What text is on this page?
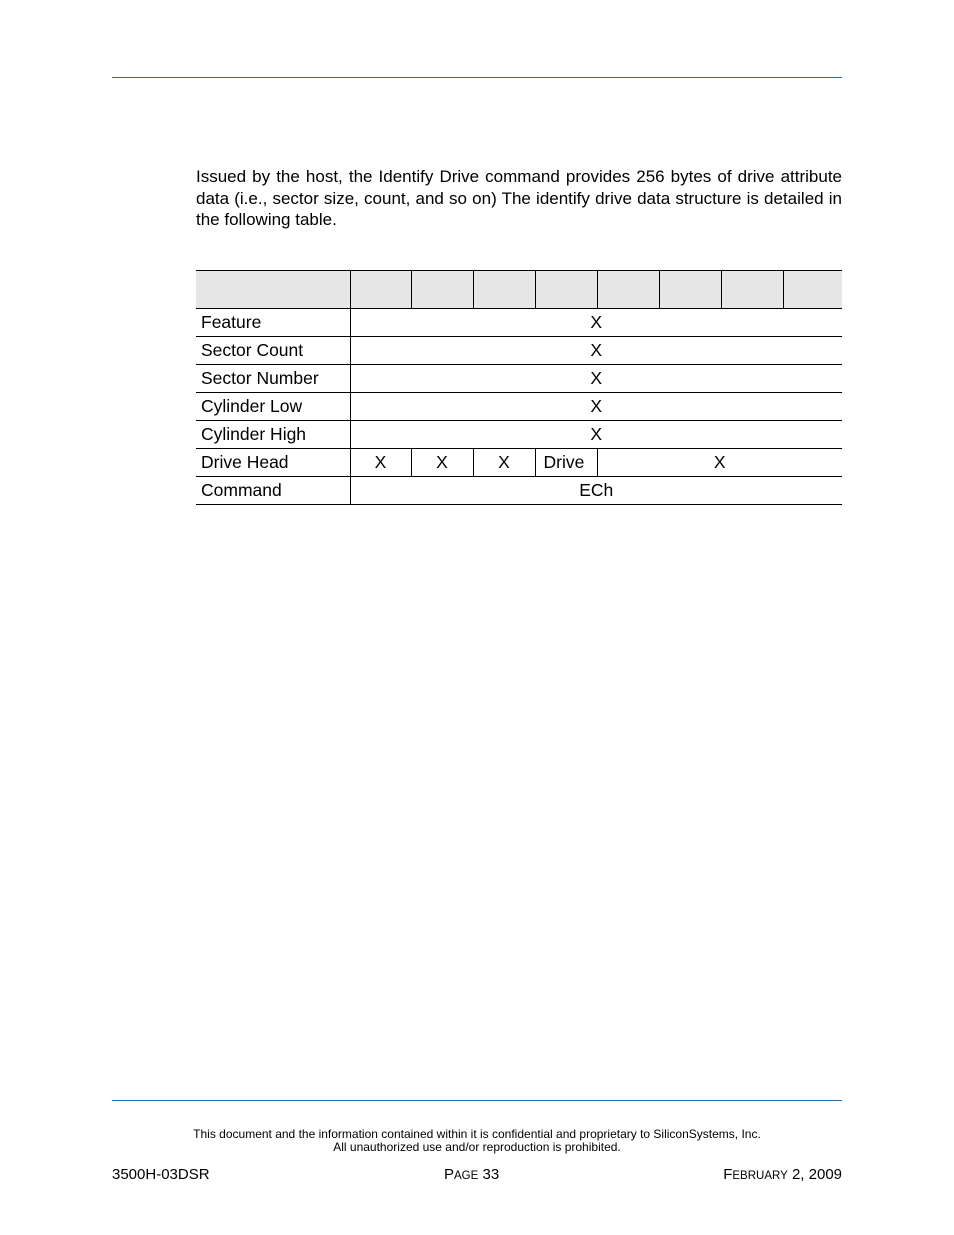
Issued by the host, the Identify Drive command provides 256 bytes of drive attribute data (i.e., sector size, count, and so on) The identify drive data structure is detailed in the following table.

Feature	X							
Sector Count	X							
Sector Number	X							
Cylinder Low	X							
Cylinder High	X							
Drive Head	X	X	X	Drive	X			
Command	ECh							
This document and the information contained within it is confidential and proprietary to SiliconSystems, Inc.
All unauthorized use and/or reproduction is prohibited.
3500H-03DSR	PAGE 33	FEBRUARY 2, 2009
